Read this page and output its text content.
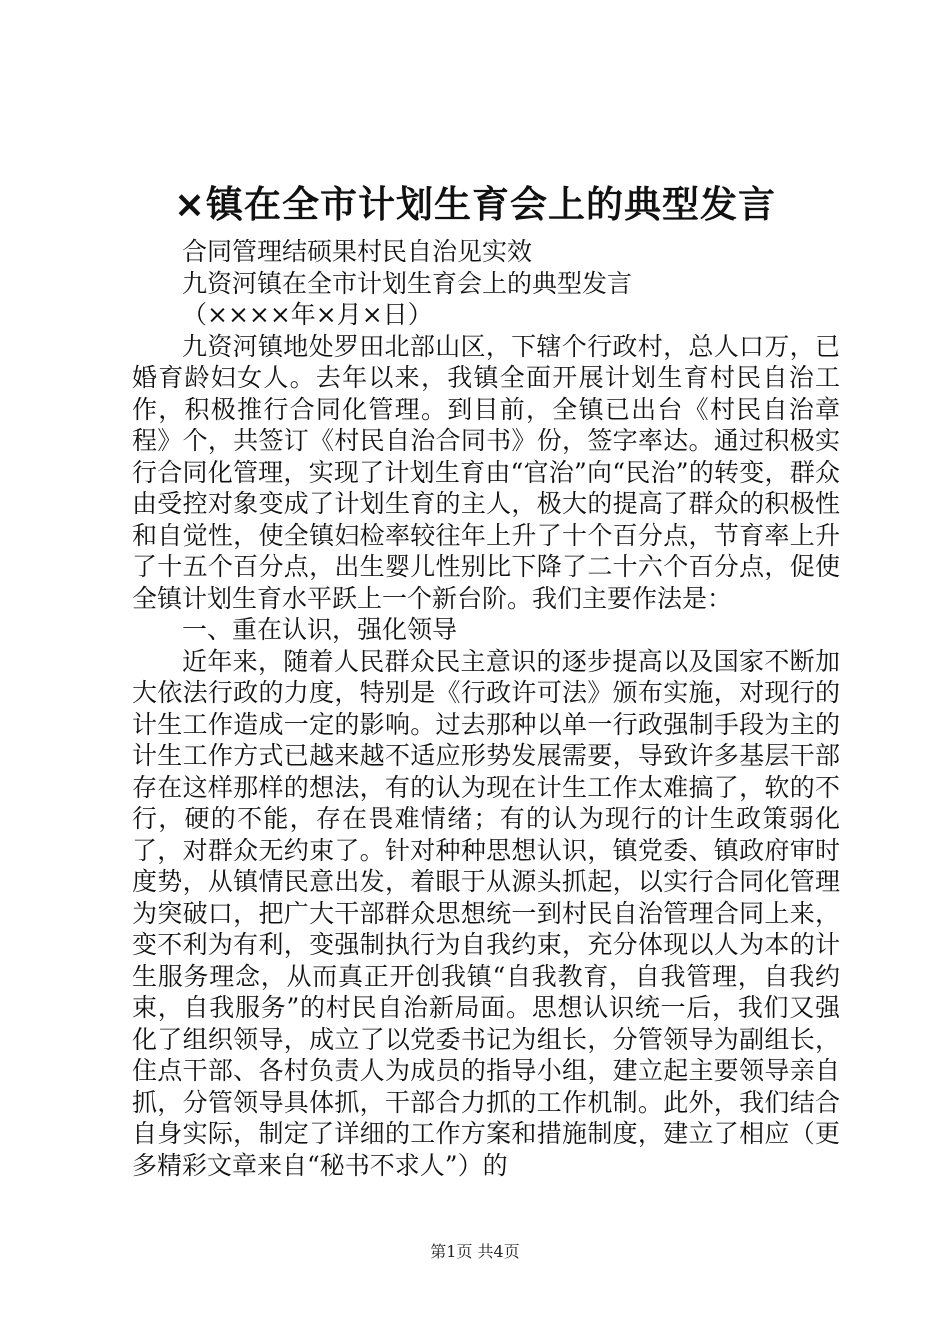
×镇在全市计划生育会上的典型发言

合同管理结硕果村民自治见实效

九资河镇在全市计划生育会上的典型发言

（××××年×月×日）

九资河镇地处罗田北部山区，下辖个行政村，总人口万，已婚育龄妇女人。去年以来，我镇全面开展计划生育村民自治工作，积极推行合同化管理。到目前，全镇已出台《村民自治章程》个，共签订《村民自治合同书》份，签字率达。通过积极实行合同化管理，实现了计划生育由“官治”向“民治”的转变，群众由受控对象变成了计划生育的主人，极大的提高了群众的积极性和自觉性，使全镇妇检率较往年上升了十个百分点，节育率上升了十五个百分点，出生婴儿性别比下降了二十六个百分点，促使全镇计划生育水平跃上一个新台阶。我们主要作法是：

一、重在认识，强化领导

近年来，随着人民群众民主意识的逐步提高以及国家不断加大依法行政的力度，特别是《行政许可法》颁布实施，对现行的计生工作造成一定的影响。过去那种以单一行政强制手段为主的计生工作方式已越来越不适应形势发展需要，导致许多基层干部存在这样那样的想法，有的认为现在计生工作太难搞了，软的不行，硬的不能，存在畏难情绪；有的认为现行的计生政策弱化了，对群众无约束了。针对种种思想认识，镇党委、镇政府审时度势，从镇情民意出发，着眼于从源头抓起，以实行合同化管理为突破口，把广大干部群众思想统一到村民自治管理合同上来，变不利为有利，变强制执行为自我约束，充分体现以人为本的计生服务理念，从而真正开创我镇“自我教育，自我管理，自我约束，自我服务”的村民自治新局面。思想认识统一后，我们又强化了组织领导，成立了以党委书记为组长，分管领导为副组长，住点干部、各村负责人为成员的指导小组，建立起主要领导亲自抓，分管领导具体抓，干部合力抓的工作机制。此外，我们结合自身实际，制定了详细的工作方案和措施制度，建立了相应（更多精彩文章来自“秘书不求人”）的

第1页 共4页
